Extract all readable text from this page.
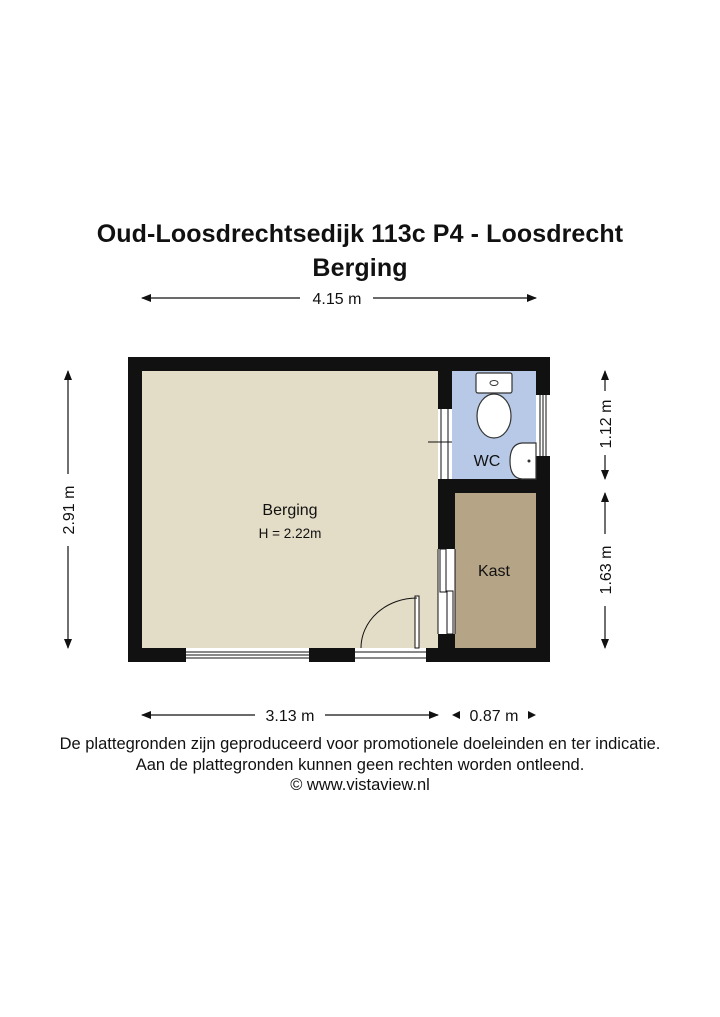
Oud-Loosdrechtsedijk 113c P4 - Loosdrecht
Berging
Berging
H = 2.22m
WC
Kast
4.15 m
2.91 m
1.12 m
1.63 m
3.13 m	0.87 m
De plattegronden zijn geproduceerd voor promotionele doeleinden en ter indicatie.
Aan de plattegronden kunnen geen rechten worden ontleend.
© www.vistaview.nl
